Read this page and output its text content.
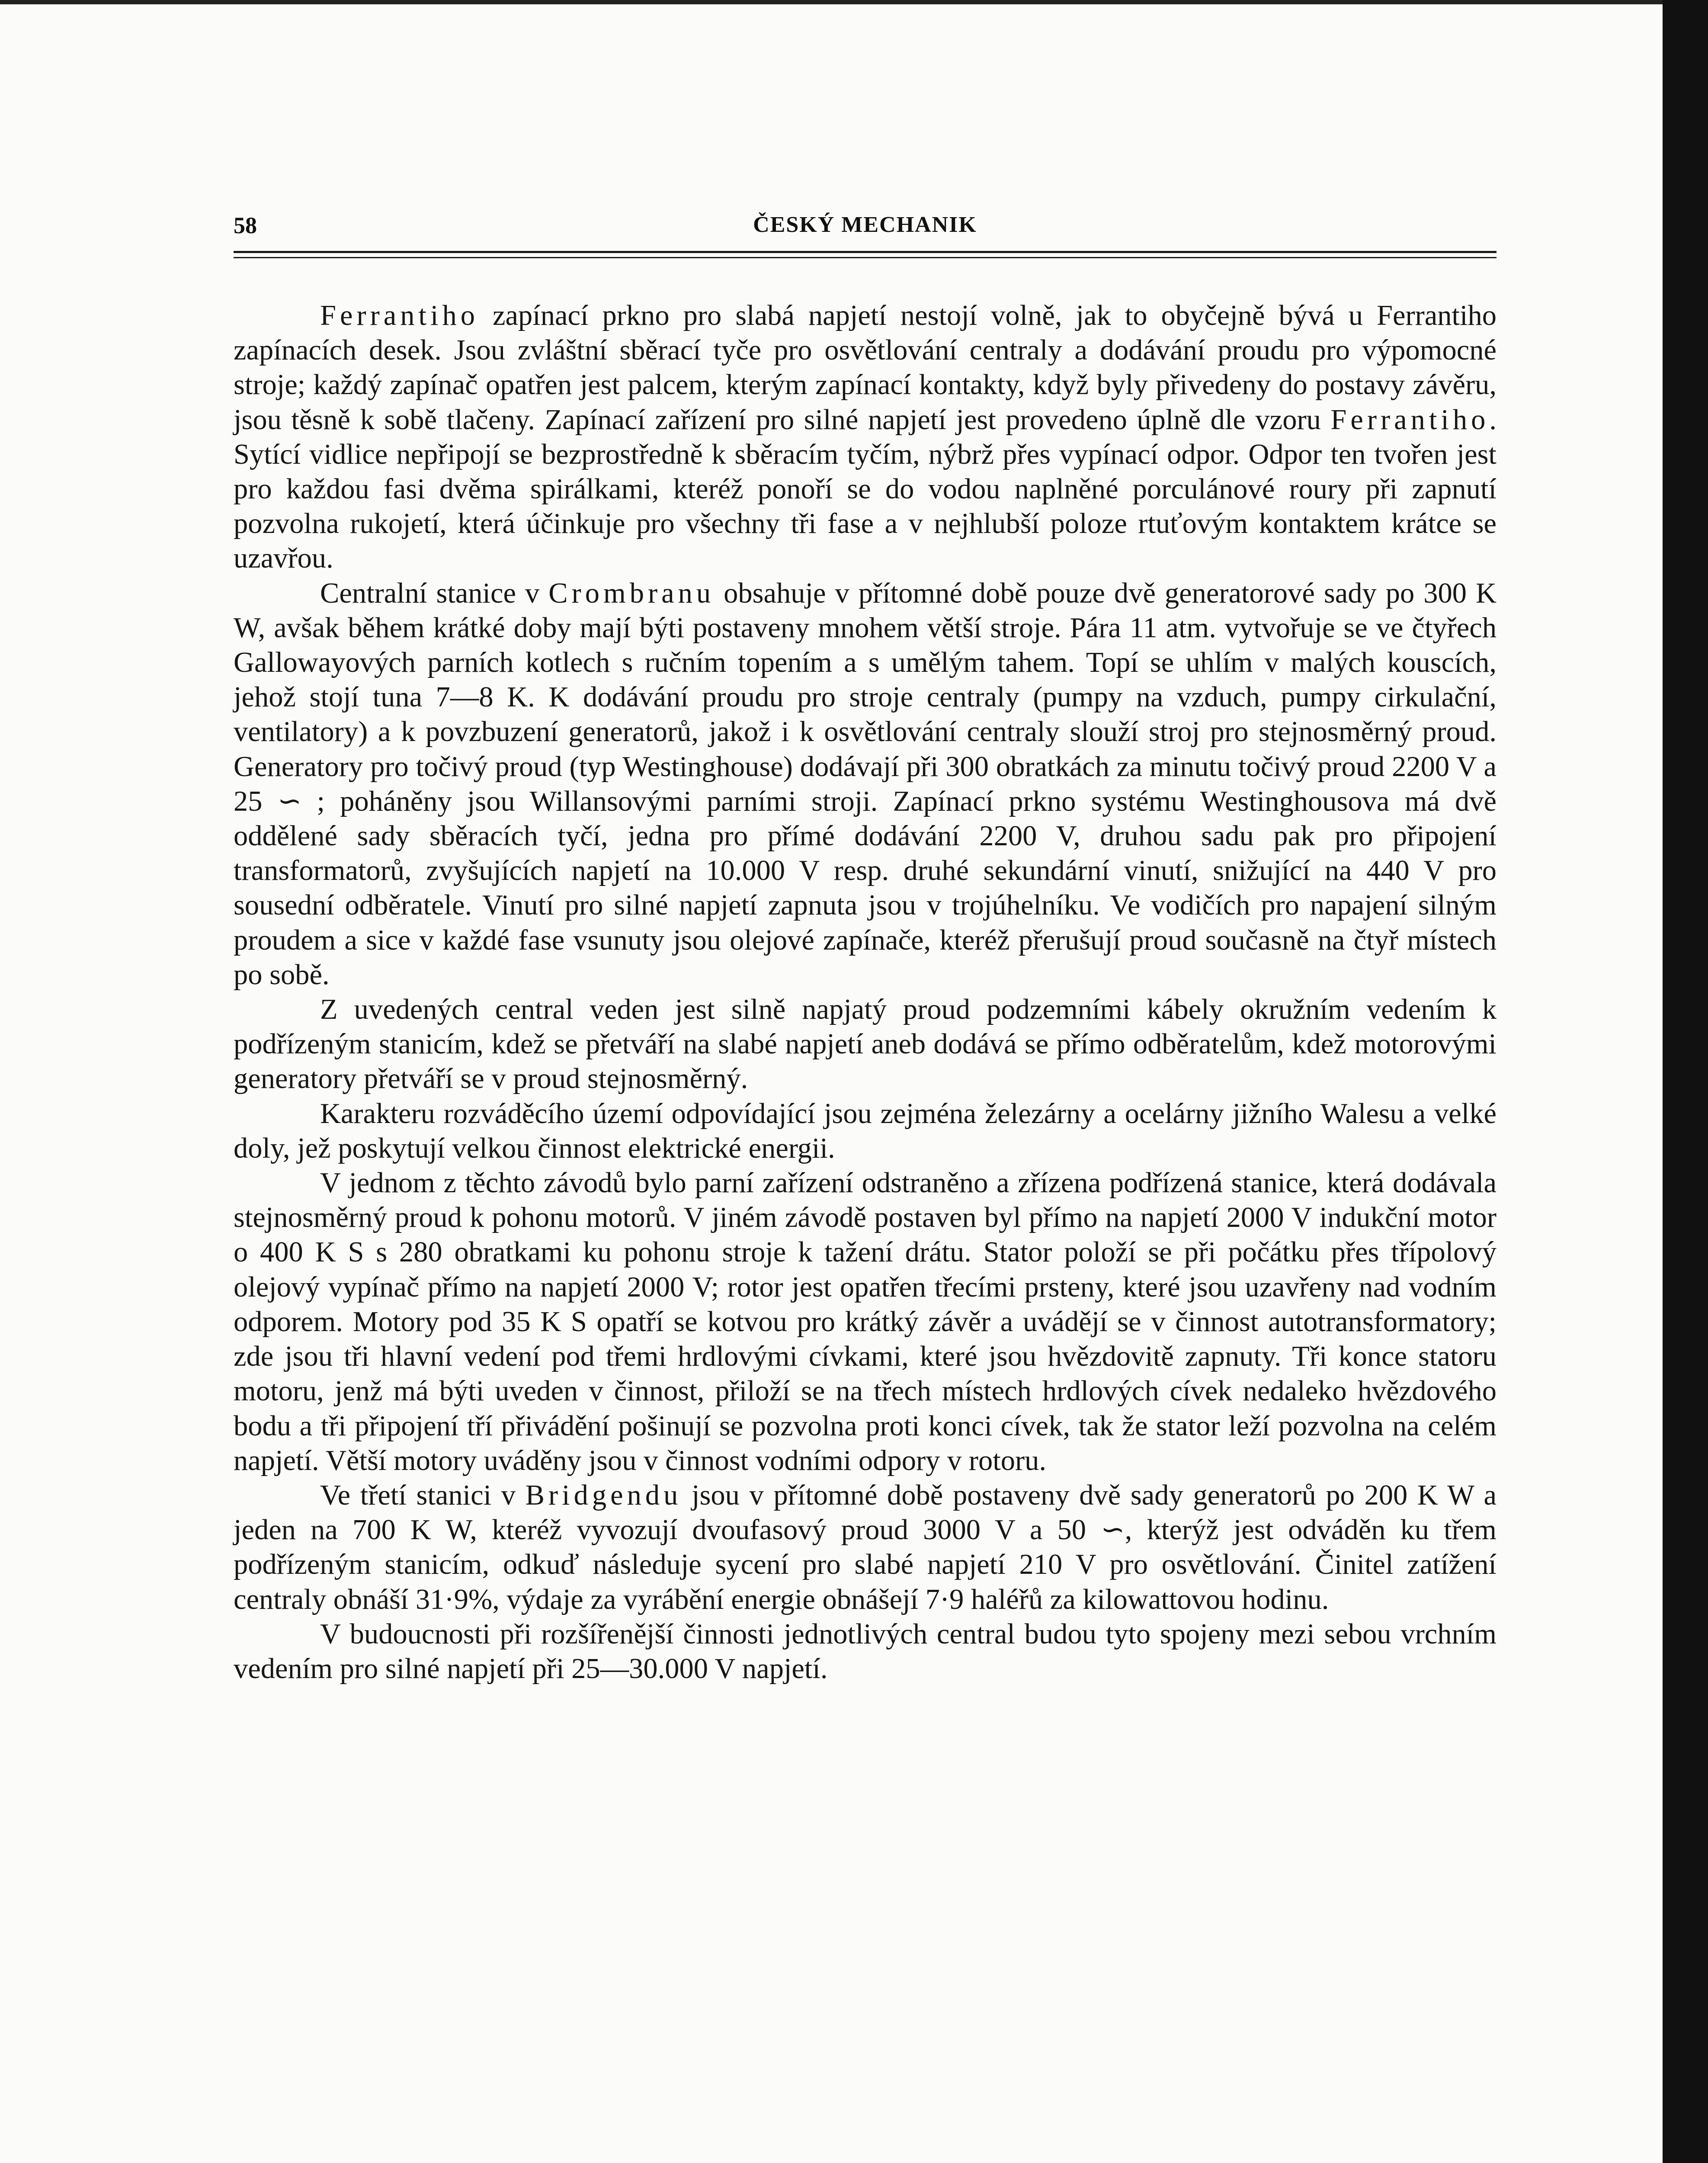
58	ČESKÝ MECHANIK

Ferrantiho zapínací prkno pro slabá napjetí nestojí volně, jak to obyčejně bývá u Ferrantiho zapínacích desek. Jsou zvláštní sběrací tyče pro osvětlování centraly a dodávání proudu pro výpomocné stroje; každý zapínač opatřen jest palcem, kterým zapínací kontakty, když byly přivedeny do postavy závěru, jsou těsně k sobě tlačeny. Zapínací zařízení pro silné napjetí jest provedeno úplně dle vzoru Ferrantiho. Sytící vidlice nepřipojí se bezprostředně k sběracím tyčím, nýbrž přes vypínací odpor. Odpor ten tvořen jest pro každou fasi dvěma spirálkami, kteréž ponoří se do vodou naplněné porculánové roury při zapnutí pozvolna rukojetí, která účinkuje pro všechny tři fase a v nejhlubší poloze rtuťovým kontaktem krátce se uzavřou.

Centralní stanice v Crombranu obsahuje v přítomné době pouze dvě generatorové sady po 300 K W, avšak během krátké doby mají býti postaveny mnohem větší stroje. Pára 11 atm. vytvořuje se ve čtyřech Gallowayových parních kotlech s ručním topením a s umělým tahem. Topí se uhlím v malých kouscích, jehož stojí tuna 7—8 K. K dodávání proudu pro stroje centraly (pumpy na vzduch, pumpy cirkulační, ventilatory) a k povzbuzení generatorů, jakož i k osvětlování centraly slouží stroj pro stejnosměrný proud. Generatory pro točivý proud (typ Westinghouse) dodávají při 300 obratkách za minutu točivý proud 2200 V a 25 ∽ ; poháněny jsou Willansovými parními stroji. Zapínací prkno systému Westinghousova má dvě oddělené sady sběracích tyčí, jedna pro přímé dodávání 2200 V, druhou sadu pak pro připojení transformatorů, zvyšujících napjetí na 10.000 V resp. druhé sekundární vinutí, snižující na 440 V pro sousední odběratele. Vinutí pro silné napjetí zapnuta jsou v trojúhelníku. Ve vodičích pro napajení silným proudem a sice v každé fase vsunuty jsou olejové zapínače, kteréž přerušují proud současně na čtyř místech po sobě.

Z uvedených central veden jest silně napjatý proud podzemními kábely okružním vedením k podřízeným stanicím, kdež se přetváří na slabé napjetí aneb dodává se přímo odběratelům, kdež motorovými generatory přetváří se v proud stejnosměrný.

Karakteru rozváděcího území odpovídající jsou zejména železárny a ocelárny jižního Walesu a velké doly, jež poskytují velkou činnost elektrické energii.

V jednom z těchto závodů bylo parní zařízení odstraněno a zřízena podřízená stanice, která dodávala stejnosměrný proud k pohonu motorů. V jiném závodě postaven byl přímo na napjetí 2000 V indukční motor o 400 K S s 280 obratkami ku pohonu stroje k tažení drátu. Stator položí se při počátku přes třípolový olejový vypínač přímo na napjetí 2000 V; rotor jest opatřen třecími prsteny, které jsou uzavřeny nad vodním odporem. Motory pod 35 K S opatří se kotvou pro krátký závěr a uvádějí se v činnost autotransformatory; zde jsou tři hlavní vedení pod třemi hrdlovými cívkami, které jsou hvězdovitě zapnuty. Tři konce statoru motoru, jenž má býti uveden v činnost, přiloží se na třech místech hrdlových cívek nedaleko hvězdového bodu a tři připojení tří přivádění pošinují se pozvolna proti konci cívek, tak že stator leží pozvolna na celém napjetí. Větší motory uváděny jsou v činnost vodními odpory v rotoru.

Ve třetí stanici v Bridgendu jsou v přítomné době postaveny dvě sady generatorů po 200 K W a jeden na 700 K W, kteréž vyvozují dvoufasový proud 3000 V a 50 ∽, kterýž jest odváděn ku třem podřízeným stanicím, odkuď následuje sycení pro slabé napjetí 210 V pro osvětlování. Činitel zatížení centraly obnáší 31·9%, výdaje za vyrábění energie obnášejí 7·9 haléřů za kilowattovou hodinu.

V budoucnosti při rozšířenější činnosti jednotlivých central budou tyto spojeny mezi sebou vrchním vedením pro silné napjetí při 25—30.000 V napjetí.
